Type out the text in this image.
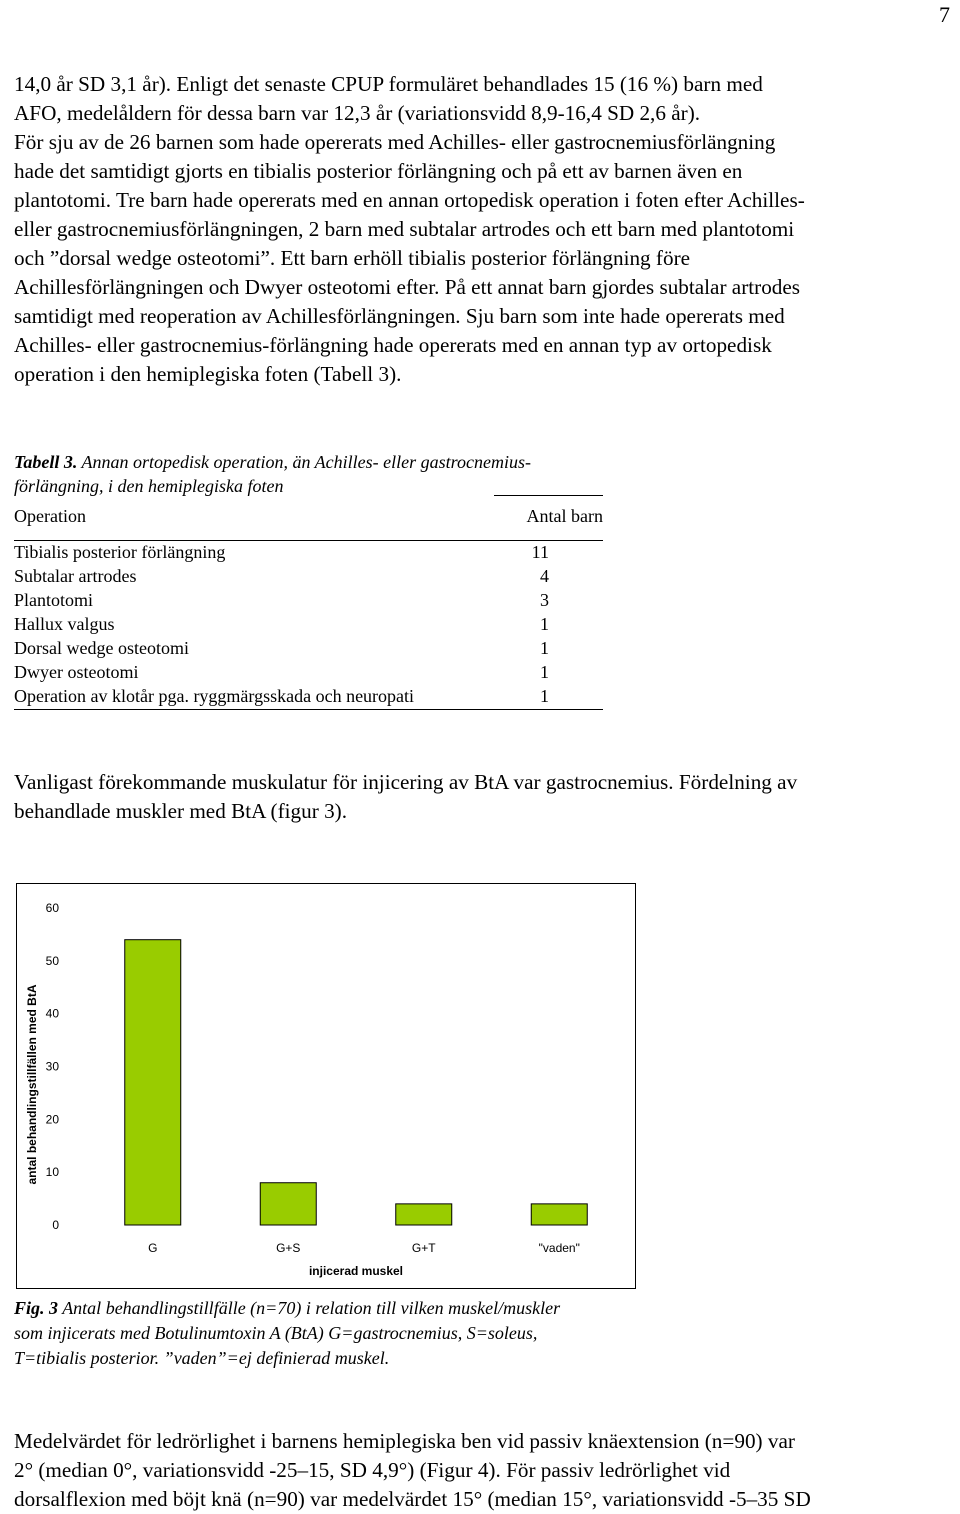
7
14,0 år SD 3,1 år). Enligt det senaste CPUP formuläret behandlades 15 (16 %) barn med
AFO, medelåldern för dessa barn var 12,3 år (variationsvidd 8,9-16,4 SD 2,6 år).
För sju av de 26 barnen som hade opererats med Achilles- eller gastrocnemiusförlängning
hade det samtidigt gjorts en tibialis posterior förlängning och på ett av barnen även en
plantotomi. Tre barn hade opererats med en annan ortopedisk operation i foten efter Achilles-
eller gastrocnemiusförlängningen, 2 barn med subtalar artrodes och ett barn med plantotomi
och ”dorsal wedge osteotomi”. Ett barn erhöll tibialis posterior förlängning före
Achillesförlängningen och Dwyer osteotomi efter. På ett annat barn gjordes subtalar artrodes
samtidigt med reoperation av Achillesförlängningen. Sju barn som inte hade opererats med
Achilles- eller gastrocnemius-förlängning hade opererats med en annan typ av ortopedisk
operation i den hemiplegiska foten (Tabell 3).
Tabell 3. Annan ortopedisk operation, än Achilles- eller gastrocnemius-
förlängning, i den hemiplegiska foten
Operation	Antal barn
Tibialis posterior förlängning	11
Subtalar artrodes	4
Plantotomi	3
Hallux valgus	1
Dorsal wedge osteotomi	1
Dwyer osteotomi	1
Operation av klotår pga. ryggmärgsskada och neuropati	1
Vanligast förekommande muskulatur för injicering av BtA var gastrocnemius. Fördelning av
behandlade muskler med BtA (figur 3).
0
10
20
30
40
50
60
G	G+S	G+T	"vaden"
injicerad muskel
antal behandlingstillfällen med BtA
Fig. 3 Antal behandlingstillfälle (n=70) i relation till vilken muskel/muskler
som injicerats med Botulinumtoxin A (BtA) G=gastrocnemius, S=soleus,
T=tibialis posterior. ”vaden”=ej definierad muskel.
Medelvärdet för ledrörlighet i barnens hemiplegiska ben vid passiv knäextension (n=90) var
2° (median 0°, variationsvidd -25–15, SD 4,9°) (Figur 4). För passiv ledrörlighet vid
dorsalflexion med böjt knä (n=90) var medelvärdet 15° (median 15°, variationsvidd -5–35 SD
